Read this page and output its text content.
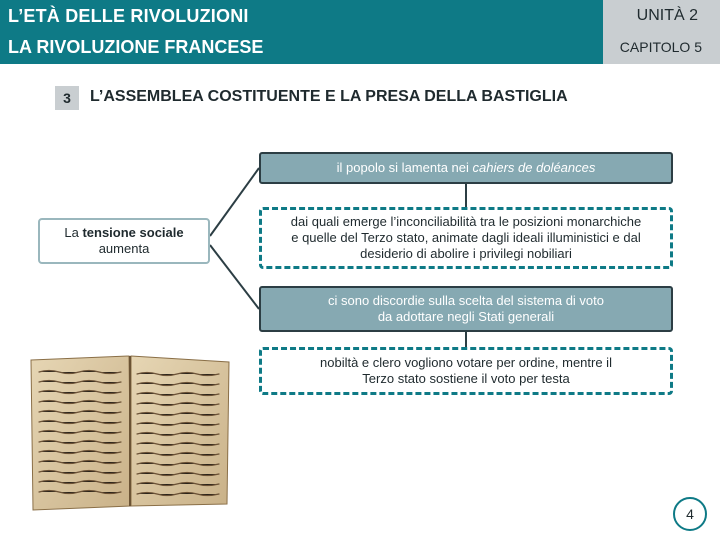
L’ETÀ DELLE RIVOLUZIONI
LA RIVOLUZIONE FRANCESE
UNITÀ 2
CAPITOLO 5
3	L’ASSEMBLEA COSTITUENTE E LA PRESA DELLA BASTIGLIA
La tensione sociale
aumenta
il popolo si lamenta nei cahiers de doléances
dai quali emerge l’inconciliabilità tra le posizioni monarchiche
e quelle del Terzo stato, animate dagli ideali illuministici e dal
desiderio di abolire i privilegi nobiliari
ci sono discordie sulla scelta del sistema di voto
da adottare negli Stati generali
nobiltà e clero vogliono votare per ordine, mentre il
Terzo stato sostiene il voto per testa
4
